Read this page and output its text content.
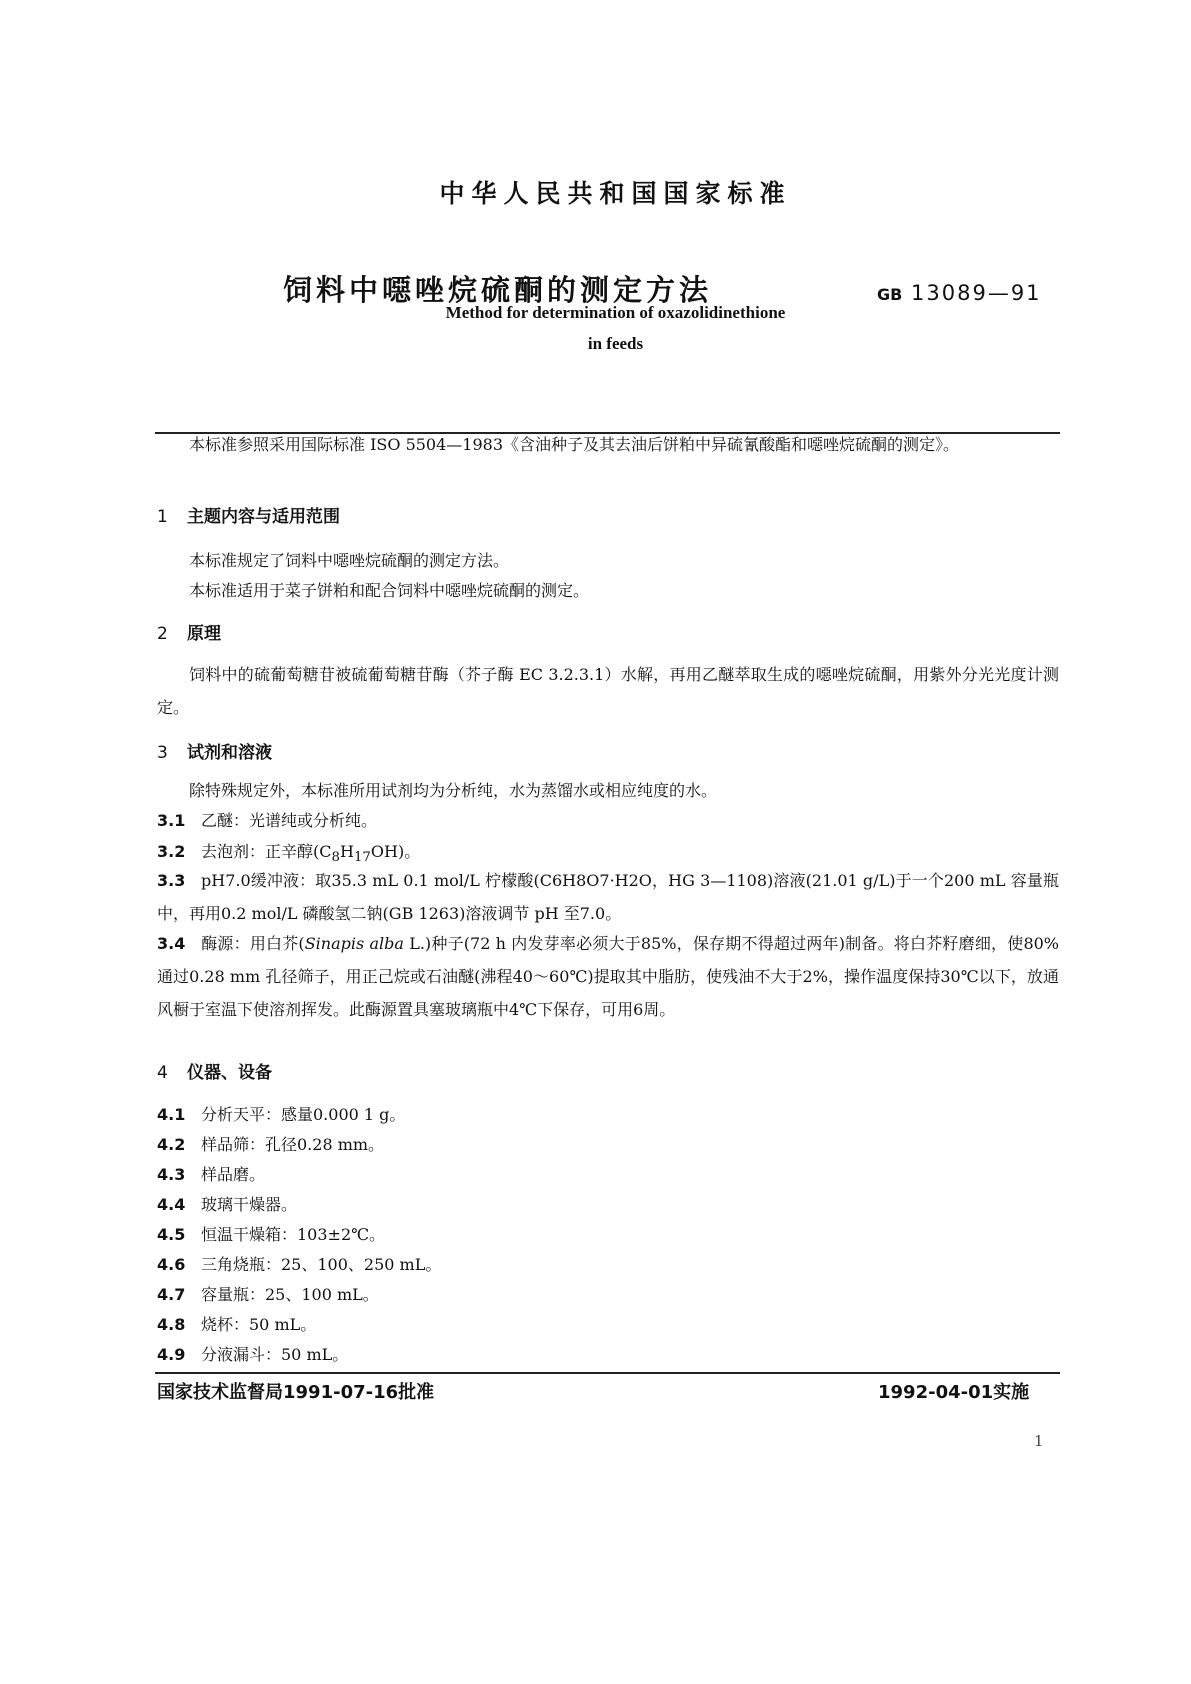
中华人民共和国国家标准
饲料中噁唑烷硫酮的测定方法	GB 13089—91
Method for determination of oxazolidinethione
in feeds
本标准参照采用国际标准 ISO 5504—1983《含油种子及其去油后饼粕中异硫氰酸酯和噁唑烷硫酮的测定》。
1 主题内容与适用范围
本标准规定了饲料中噁唑烷硫酮的测定方法。
本标准适用于菜子饼粕和配合饲料中噁唑烷硫酮的测定。
2 原理
饲料中的硫葡萄糖苷被硫葡萄糖苷酶（芥子酶 EC 3.2.3.1）水解，再用乙醚萃取生成的噁唑烷硫酮，用紫外分光光度计测定。
3 试剂和溶液
除特殊规定外，本标准所用试剂均为分析纯，水为蒸馏水或相应纯度的水。
3.1 乙醚：光谱纯或分析纯。
3.2 去泡剂：正辛醇$(C_8H_{17}OH)$。
3.3 pH7.0缓冲液：取35.3 mL 0.1 mol/L 柠檬酸(C6H8O7·H2O，HG 3—1108)溶液(21.01 g/L)于一个200 mL 容量瓶中，再用0.2 mol/L 磷酸氢二钠(GB 1263)溶液调节 pH 至7.0。
3.4 酶源：用白芥(Sinapis alba L.)种子(72 h 内发芽率必须大于85%，保存期不得超过两年)制备。将白芥籽磨细，使80%通过0.28 mm 孔径筛子，用正己烷或石油醚(沸程40～60℃)提取其中脂肪，使残油不大于2%，操作温度保持30℃以下，放通风橱于室温下使溶剂挥发。此酶源置具塞玻璃瓶中4℃下保存，可用6周。
4 仪器、设备
4.1 分析天平：感量0.000 1 g。
4.2 样品筛：孔径0.28 mm。
4.3 样品磨。
4.4 玻璃干燥器。
4.5 恒温干燥箱：103±2℃。
4.6 三角烧瓶：25、100、250 mL。
4.7 容量瓶：25、100 mL。
4.8 烧杯：50 mL。
4.9 分液漏斗：50 mL。
国家技术监督局1991-07-16批准	1992-04-01实施
1
